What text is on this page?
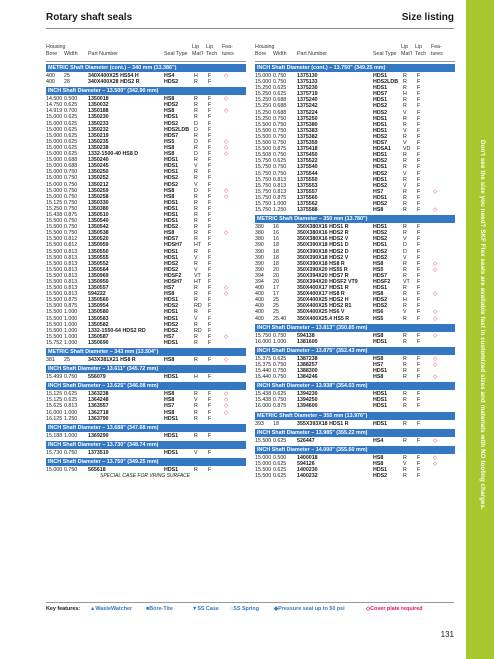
Rotary shaft seals	Size listing
Don't see the size you need? SKF Flex seals are available fast in customized sizes and materials with NO tooling charges.
Housing
Bore Width Part Number	Seal Type
Lip Mat'l
Lip Tech
Fea-tures
METRIC Shaft Diameter (cont.) – 340 mm (13.386")
400 25	340X400X25 HS54 H	HS4	H F ◇
400 28	340X400X28 HDS2 R	HDS2	R F
INCH Shaft Diameter – 13.500" (342.90 mm)
14.500 0.500 1350018	HS8	R F ◇
14.750 0.625 1350032	HDS2	R F
14.919 0.700 1350188	HS8	R F ◇
15.000 0.625 1350230	HDS1	R F
15.000 0.625 1350233	HDS2	D F
15.000 0.625 1350232	HDS2LDB D F
15.000 0.625 1350219	HDS7	R F
15.000 0.625 1350235	HS5	D F ◇
15.000 0.625 1350238	HS8	R F ◇
15.000 0.625 1332-1500-40 HS8 D	HS8	D F ◇
15.000 0.688 1350240	HDS1	R F
15.000 0.688 1350245	HDS1	V F
15.000 0.750 1350250	HDS1	R F
15.000 0.750 1350252	HDS2	R F
15.000 0.750 1350212	HDS2	V F
15.000 0.750 1350259	HS8	D F ◇
15.000 0.750 1350258	HS8	R F ◇
15.125 0.750 1350330	HDS1	R F
15.250 0.750 1350380	HDS1	R F
15.438 0.875 1350510	HDS1	R F
15.500 0.750 1350540	HDS1	R F
15.500 0.750 1350542	HDS2	R F
15.500 0.750 1350538	HS8	R F ◇
15.500 0.812 1350520	HDS7	R F
15.500 0.812 1350959	HDSH7 HT F
15.500 0.813 1350550	HDS1	R F
15.500 0.813 1350555	HDS1	V F
15.500 0.813 1350552	HDS2	R F
15.500 0.813 1350564	HDS2	V F
15.500 0.813 1350969	HDSF2 VT F
15.500 0.813 1350950	HDSH7 HT F
15.500 0.813 1350557	HS7	R F ◇
15.500 0.813 594222	HS8	R F ◇
15.500 0.875 1350560	HDS1	R F
15.500 0.875 1350954	HDS2	RD F
15.500 1.000 1350580	HDS1	R F
15.500 1.000 1350583	HDS1	V F
15.500 1.000 1350582	HDS2	R F
15.500 1.000 1332-1550-64 HDS2 RD	HDS2	RD F
15.500 1.000 1350587	HS7	R F ◇
15.752 1.000 1350690	HDS1	R F
METRIC Shaft Diameter – 343 mm (13.504")
381 25	343X381X21 HS8 R	HS8	R F ◇
INCH Shaft Diameter – 13.611" (345.72 mm)
15.499 0.750 556079	HDS1	H F
INCH Shaft Diameter – 13.625" (346.08 mm)
15.125 0.625 1363238	HS8	R F ◇
15.125 0.625 1364248	HS8	V F ◇
15.625 0.813 1363557	HS7	R F ◇
16.000 1.000 1362718	HS8	R F ◇
16.125 1.250 1363790	HDS1	R F
INCH Shaft Diameter – 13.688" (347.68 mm)
15.188 1.000 1369290	HDS1	R F
INCH Shaft Diameter – 13.730" (348.74 mm)
15.730 0.750 1373519	HDS1	V F
INCH Shaft Diameter – 13.750" (349.25 mm)
15.000 0.750 565618	HDS1	R F
SPECIAL CASE FOR VRING SURFACE
Housing
Bore Width Part Number	Seal Type
Lip Mat'l
Lip Tech
Fea-tures
INCH Shaft Diameter (cont.) – 13.750" (349.25 mm)
15.000 0.750 1375130	HDS1	R F
15.000 0.750 1375133	HDS2LDB R F
15.250 0.625 1375230	HDS1	R F
15.250 0.625 1375719	HDS7	H F
15.250 0.688 1375240	HDS1	R F
15.250 0.688 1375242	HDS2	R F
15.250 0.688 1375224	HDS2	V F
15.250 0.750 1375250	HDS1	R F
15.500 0.750 1375380	HDS1	R F
15.500 0.750 1375383	HDS1	V F
15.500 0.750 1375382	HDS2	R F
15.500 0.750 1375359	HDS7	V F
15.500 0.875 1375418	HDSA1 VD F
15.508 0.750 1375450	HDS1	R F
15.750 0.625 1375522	HDS2	R F
15.750 0.750 1375540	HDS1	R F
15.750 0.750 1375544	HDS2	V F
15.750 0.813 1375550	HDS1	R F
15.750 0.813 1375553	HDS2	V F
15.750 0.813 1375557	HS7	R F ◇
15.750 0.875 1375560	HDS1	R F
15.750 1.000 1375562	HDS2	R F
15.750 1.250 1375588	HS8	R F ◇
METRIC Shaft Diameter – 350 mm (13.780")
380 16	350X380X16 HDS1 R	HDS1	R F
380 16	350X380X16 HDS2 R	HDS2	R F
380 16	350X380X16 HDS2 V	HDS2	V F
390 18	350X390X18 HDS1 D	HDS1	D F
390 18	350X390X18 HDS2 D	HDS2	D F
390 18	350X390X18 HDS2 V	HDS2	V F
390 18	350X390X18 HS8 R	HS8	R F ◇
390 20	350X390X20 HS55 R	HS5	R F ◇
394 20	350X394X20 HDS7 R	HDS7	R F
394 20	350X394X20 HDSF2 VT9	HDSF2 VT F
400 17	350X400X17 HDS1 R	HDS1	R F
400 17	350X400X17 HS8 R	HS8	R F ◇
400 25	350X400X25 HDS2 H	HDS2	H F
400 25	350X400X25 HDS2 R1	HDS2	R F
400 25	350X400X25 HS6 V	HS6	V F ◇
400 25.40 350X400X25.4 HS5 R	HS5	R F ◇
INCH Shaft Diameter – 13.813" (350.85 mm)
15.750 0.750 594138	HS8	R F ◇
16.000 1.000 1381600	HDS1	R F
INCH Shaft Diameter – 13.875" (352.43 mm)
15.375 0.625 1387238	HS8	R F ◇
15.375 0.750 1388257	HS7	R F ◇
15.440 0.750 1388300	HDS1	R F
15.440 0.750 1384246	HS8	R F ◇
INCH Shaft Diameter – 13.938" (354.03 mm)
15.438 0.625 1394230	HDS1	R F
15.438 0.750 1394250	HDS1	R F
16.000 0.875 1394600	HDS1	R F
METRIC Shaft Diameter – 355 mm (13.976")
393 18	355X393X18 HDS1 R	HDS1	R F
INCH Shaft Diameter – 13.985" (355.22 mm)
15.500 0.625 526447	HS4	R F ◇
INCH Shaft Diameter – 14.000" (355.60 mm)
15.000 0.500 1400018	HS8	R F ◇
15.000 0.625 594126	HS8	V F ◇
15.500 0.625 1400230	HDS1	R F
15.500 0.625 1400232	HDS2	R F
Key features: ▲WasteWatcher	■Bore-Tite	▼SS Case ○SS Spring	◆Pressure seal up to 50 psi	◇Cover plate required
131
